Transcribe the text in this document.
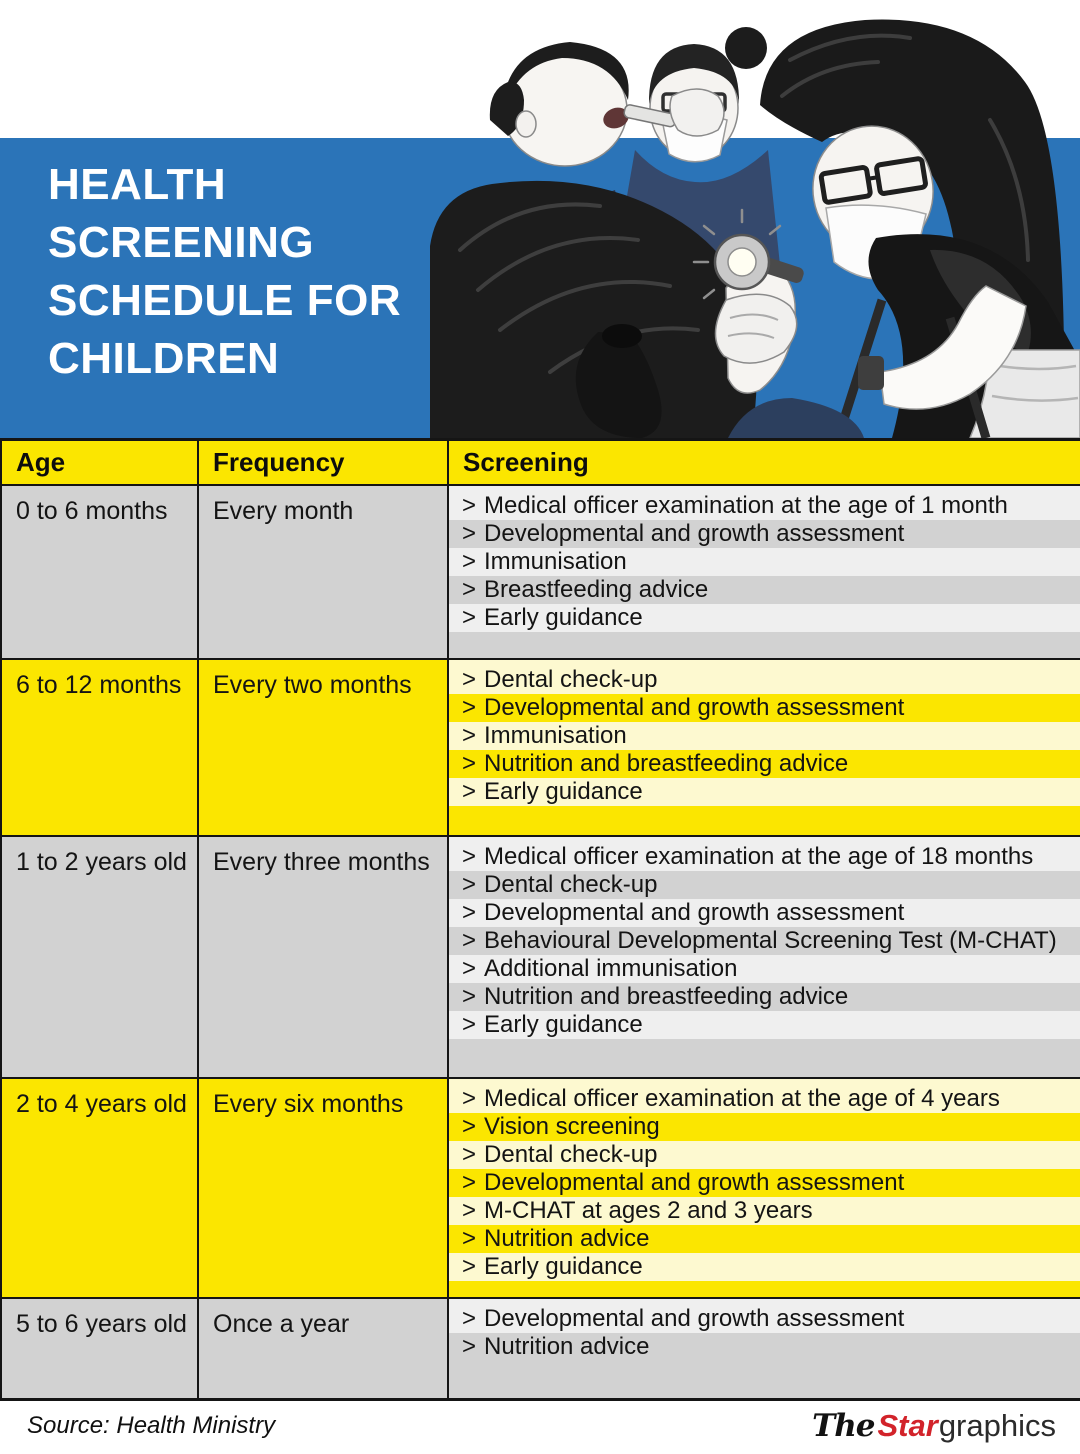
HEALTH
SCREENING
SCHEDULE FOR
CHILDREN
Age	Frequency	Screening
0 to 6 months	Every month	> Medical officer examination at the age of 1 month
> Developmental and growth assessment
> Immunisation
> Breastfeeding advice
> Early guidance

6 to 12 months	Every two months	> Dental check-up
> Developmental and growth assessment
> Immunisation
> Nutrition and breastfeeding advice
> Early guidance

1 to 2 years old	Every three months	> Medical officer examination at the age of 18 months
> Dental check-up
> Developmental and growth assessment
> Behavioural Developmental Screening Test (M-CHAT)
> Additional immunisation
> Nutrition and breastfeeding advice
> Early guidance

2 to 4 years old	Every six months	> Medical officer examination at the age of 4 years
> Vision screening
> Dental check-up
> Developmental and growth assessment
> M-CHAT at ages 2 and 3 years
> Nutrition advice
> Early guidance

5 to 6 years old	Once a year	> Developmental and growth assessment
> Nutrition advice
Source: Health Ministry	TheStargraphics
